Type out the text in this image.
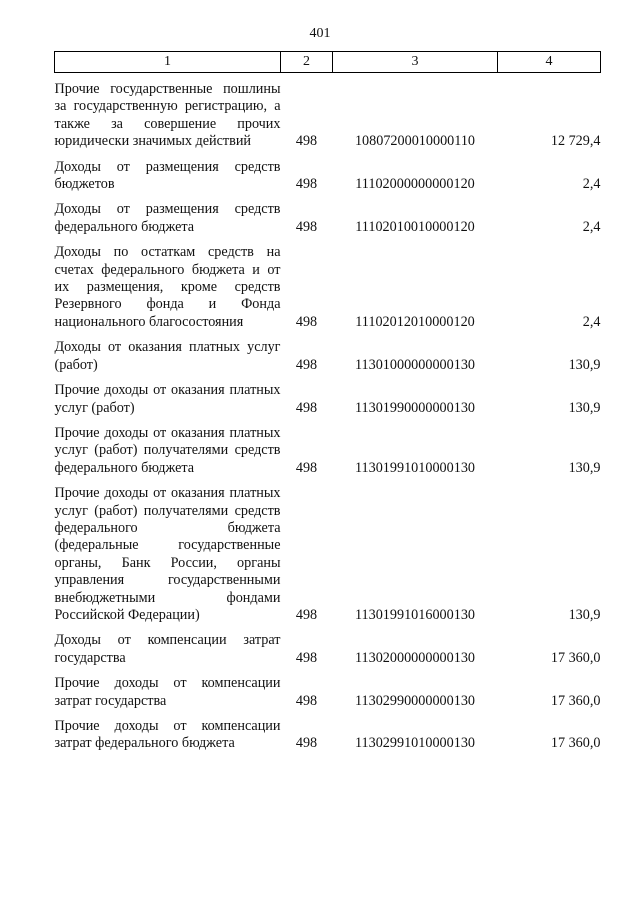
401
1	2	3	4
Прочие государственные пошлины за государственную регистрацию, а также за совершение прочих юридически значимых действий	498	10807200010000110	12 729,4
Доходы от размещения средств бюджетов	498	11102000000000120	2,4
Доходы от размещения средств федерального бюджета	498	11102010010000120	2,4
Доходы по остаткам средств на счетах федерального бюджета и от их размещения, кроме средств Резервного фонда и Фонда национального благосостояния	498	11102012010000120	2,4
Доходы от оказания платных услуг (работ)	498	11301000000000130	130,9
Прочие доходы от оказания платных услуг (работ)	498	11301990000000130	130,9
Прочие доходы от оказания платных услуг (работ) получателями средств федерального бюджета	498	11301991010000130	130,9
Прочие доходы от оказания платных услуг (работ) получателями средств федерального бюджета (федеральные государственные органы, Банк России, органы управления государственными внебюджетными фондами Российской Федерации)	498	11301991016000130	130,9
Доходы от компенсации затрат государства	498	11302000000000130	17 360,0
Прочие доходы от компенсации затрат государства	498	11302990000000130	17 360,0
Прочие доходы от компенсации затрат федерального бюджета	498	11302991010000130	17 360,0
